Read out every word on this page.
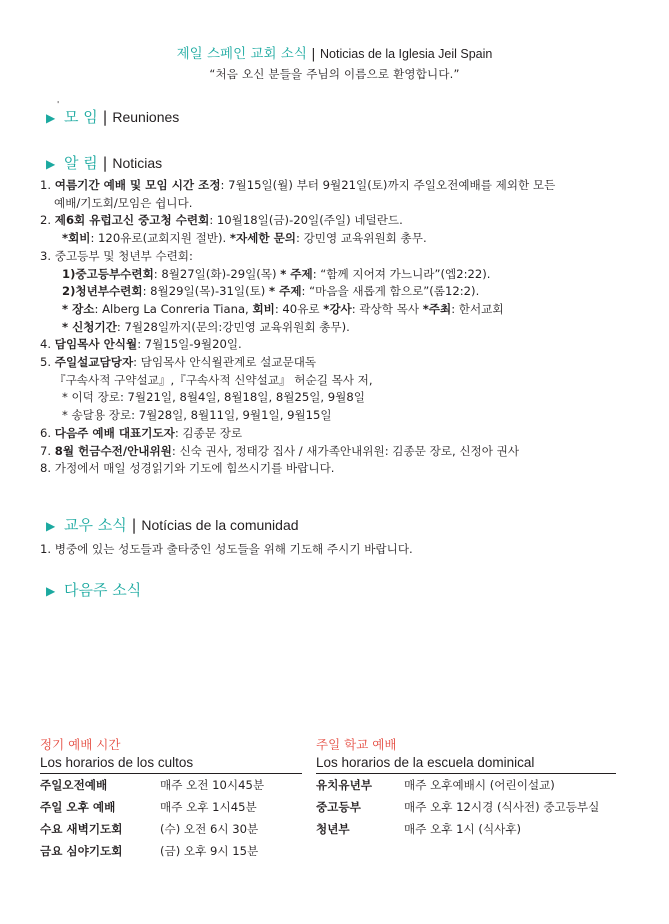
제일 스페인 교회 소식 | Noticias de la Iglesia Jeil Spain
“처음 오신 분들을 주님의 이름으로 환영합니다.”
'
▶ 모 임 | Reuniones
▶ 알 림 | Noticias
1. 여름기간 예배 및 모임 시간 조정: 7월15일(월) 부터 9월21일(토)까지 주일오전예배를 제외한 모든
예배/기도회/모임은 쉽니다.
2. 제6회 유럽고신 중고청 수련회: 10월18일(금)-20일(주일) 네덜란드.
*회비: 120유로(교회지원 절반). *자세한 문의: 강민영 교육위원회 총무.
3. 중고등부 및 청년부 수련회:
1)중고등부수련회: 8월27일(화)-29일(목) * 주제: “함께 지어져 가느니라”(엡2:22).
2)청년부수련회: 8월29일(목)-31일(토) * 주제: “마음을 새롭게 함으로”(롬12:2).
* 장소: Alberg La Conreria Tiana, 회비: 40유로 *강사: 곽상학 목사 *주최: 한서교회
* 신청기간: 7월28일까지(문의:강민영 교육위원회 총무).
4. 담임목사 안식월: 7월15일-9월20일.
5. 주일설교담당자: 담임목사 안식월관계로 설교문대독
『구속사적 구약설교』,『구속사적 신약설교』 허순길 목사 저,
* 이덕 장로: 7월21일, 8월4일, 8월18일, 8월25일, 9월8일
* 송달용 장로: 7월28일, 8월11일, 9월1일, 9월15일
6. 다음주 예배 대표기도자: 김종문 장로
7. 8월 헌금수전/안내위원: 신숙 권사, 정태강 집사 / 새가족안내위원: 김종문 장로, 신정아 권사
8. 가정에서 매일 성경읽기와 기도에 힘쓰시기를 바랍니다.
▶ 교우 소식 | Notícias de la comunidad
1. 병중에 있는 성도들과 출타중인 성도들을 위해 기도해 주시기 바랍니다.
▶ 다음주 소식
정기 예배 시간
Los horarios de los cultos
주일오전예배	매주 오전 10시45분
주일 오후 예배	매주 오후 1시45분
수요 새벽기도회	(수) 오전 6시 30분
금요 심야기도회	(금) 오후 9시 15분
주일 학교 예배
Los horarios de la escuela dominical
유치유년부	매주 오후예배시 (어린이설교)
중고등부	매주 오후 12시경 (식사전) 중고등부실
청년부	매주 오후 1시 (식사후)
